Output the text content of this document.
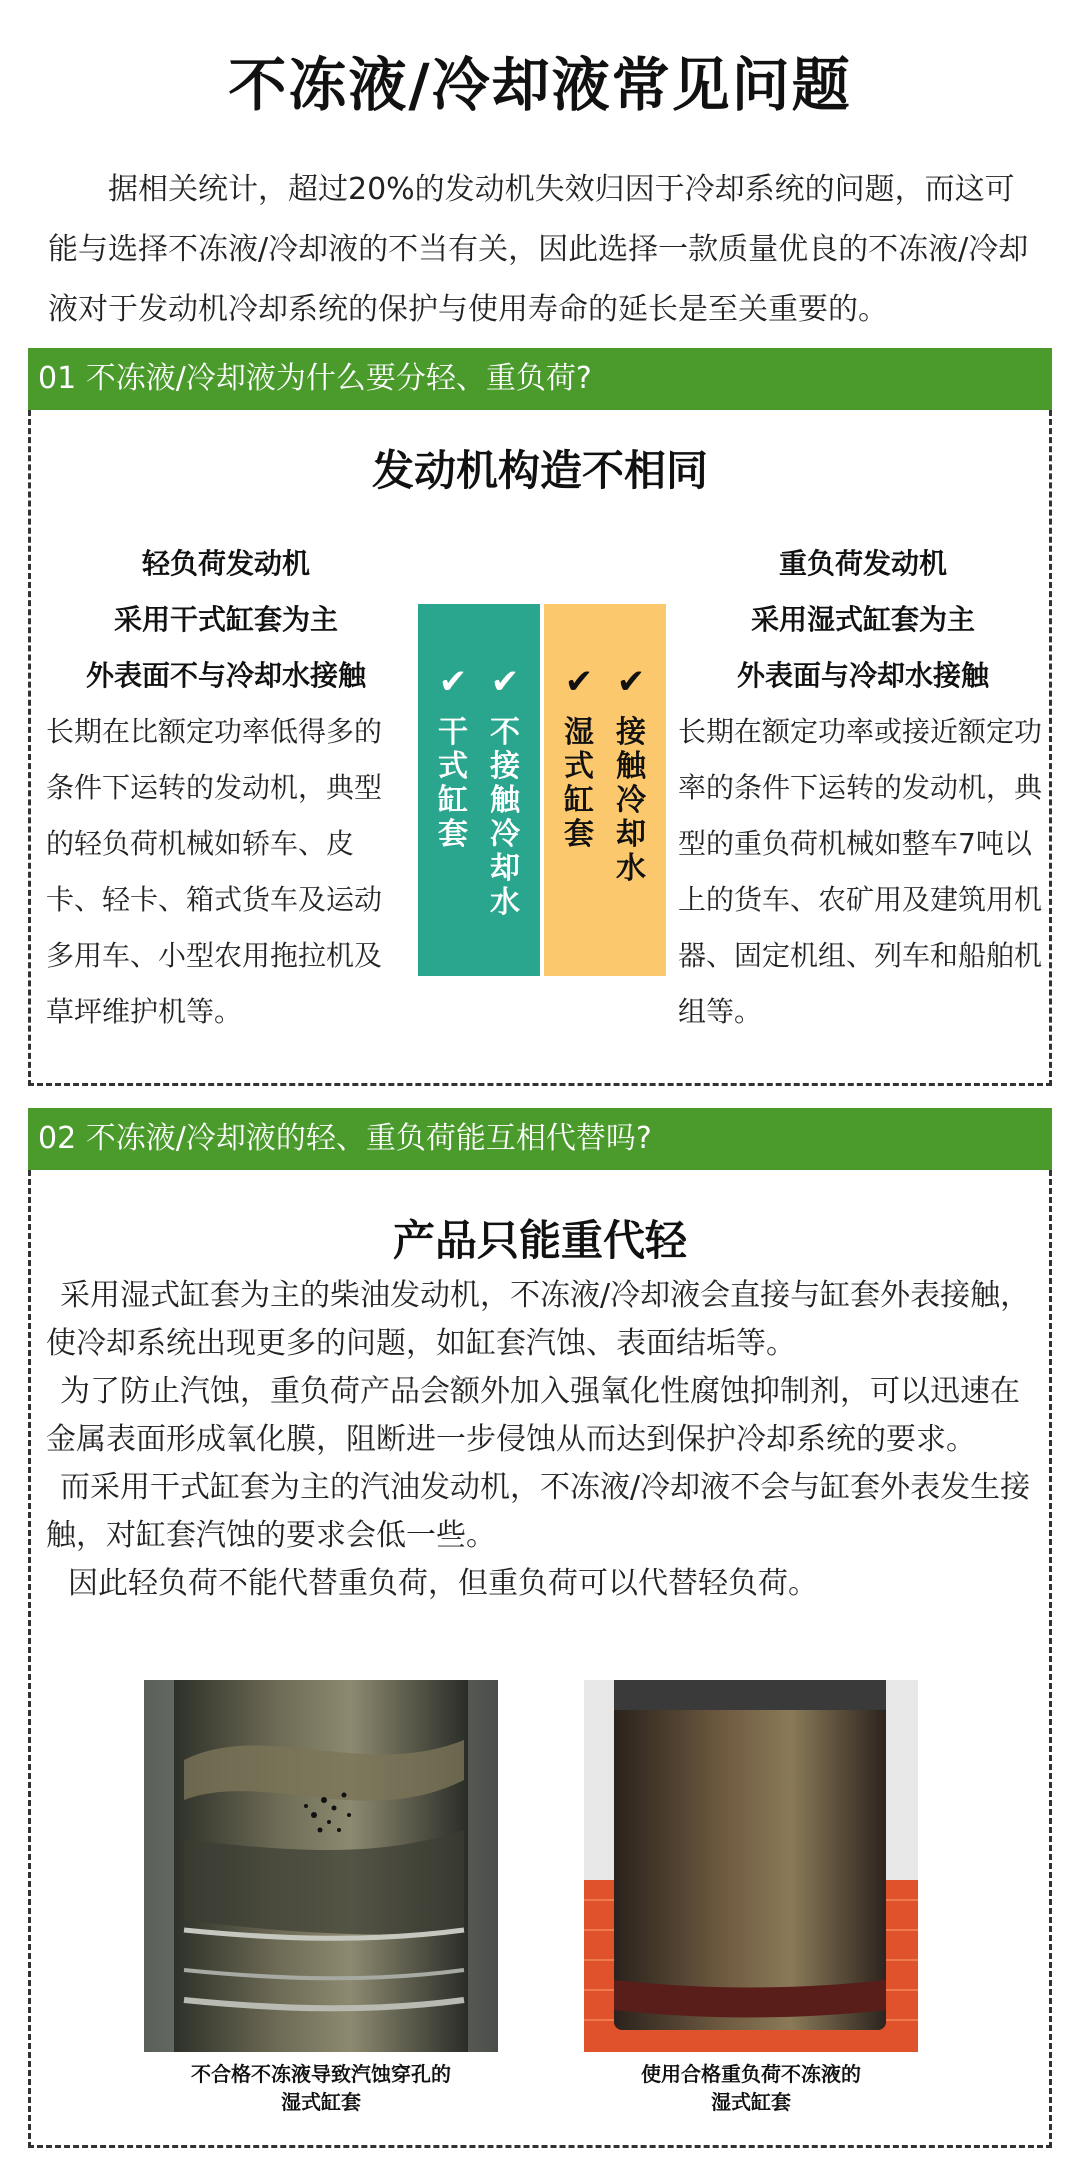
不冻液/冷却液常见问题
据相关统计，超过20%的发动机失效归因于冷却系统的问题，而这可能与选择不冻液/冷却液的不当有关，因此选择一款质量优良的不冻液/冷却液对于发动机冷却系统的保护与使用寿命的延长是至关重要的。
01 不冻液/冷却液为什么要分轻、重负荷?
发动机构造不相同
轻负荷发动机
采用干式缸套为主
外表面不与冷却水接触
长期在比额定功率低得多的条件下运转的发动机，典型的轻负荷机械如轿车、皮卡、轻卡、箱式货车及运动多用车、小型农用拖拉机及草坪维护机等。
✔
干
式
缸
套
✔
不
接
触
冷
却
水
✔
湿
式
缸
套
✔
接
触
冷
却
水
重负荷发动机
采用湿式缸套为主
外表面与冷却水接触
长期在额定功率或接近额定功率的条件下运转的发动机，典型的重负荷机械如整车7吨以上的货车、农矿用及建筑用机器、固定机组、列车和船舶机组等。
02 不冻液/冷却液的轻、重负荷能互相代替吗?
产品只能重代轻
采用湿式缸套为主的柴油发动机，不冻液/冷却液会直接与缸套外表接触，使冷却系统出现更多的问题，如缸套汽蚀、表面结垢等。
为了防止汽蚀，重负荷产品会额外加入强氧化性腐蚀抑制剂，可以迅速在金属表面形成氧化膜，阻断进一步侵蚀从而达到保护冷却系统的要求。
而采用干式缸套为主的汽油发动机，不冻液/冷却液不会与缸套外表发生接触，对缸套汽蚀的要求会低一些。
因此轻负荷不能代替重负荷，但重负荷可以代替轻负荷。
不合格不冻液导致汽蚀穿孔的
湿式缸套
使用合格重负荷不冻液的
湿式缸套
